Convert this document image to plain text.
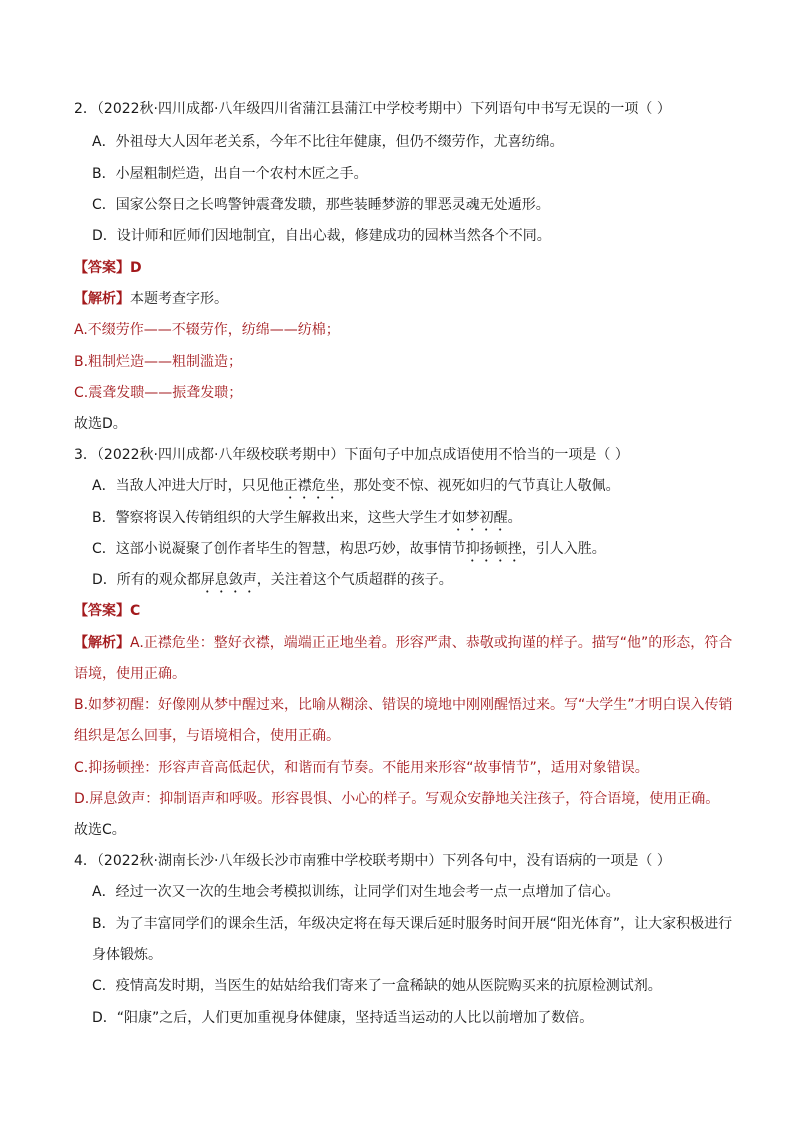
2．（2022秋·四川成都·八年级四川省蒲江县蒲江中学校考期中）下列语句中书写无误的一项（ ）
A．外祖母大人因年老关系，今年不比往年健康，但仍不缀劳作，尤喜纺绵。
B．小屋粗制烂造，出自一个农村木匠之手。
C．国家公祭日之长鸣警钟震聋发聩，那些装睡梦游的罪恶灵魂无处遁形。
D．设计师和匠师们因地制宜，自出心裁，修建成功的园林当然各个不同。
【答案】D
【解析】本题考查字形。
A.不缀劳作——不辍劳作，纺绵——纺棉；
B.粗制烂造——粗制滥造；
C.震聋发聩——振聋发聩；
故选D。
3．（2022秋·四川成都·八年级校联考期中）下面句子中加点成语使用不恰当的一项是（ ）
A．当敌人冲进大厅时，只见他正襟危坐，那处变不惊、视死如归的气节真让人敬佩。
B．警察将误入传销组织的大学生解救出来，这些大学生才如梦初醒。
C．这部小说凝聚了创作者毕生的智慧，构思巧妙，故事情节抑扬顿挫，引人入胜。
D．所有的观众都屏息敛声，关注着这个气质超群的孩子。
【答案】C
【解析】A.正襟危坐：整好衣襟，端端正正地坐着。形容严肃、恭敬或拘谨的样子。描写“他”的形态，符合
语境，使用正确。
B.如梦初醒：好像刚从梦中醒过来，比喻从糊涂、错误的境地中刚刚醒悟过来。写“大学生”才明白误入传销
组织是怎么回事，与语境相合，使用正确。
C.抑扬顿挫：形容声音高低起伏，和谐而有节奏。不能用来形容“故事情节”，适用对象错误。
D.屏息敛声：抑制语声和呼吸。形容畏惧、小心的样子。写观众安静地关注孩子，符合语境，使用正确。
故选C。
4．（2022秋·湖南长沙·八年级长沙市南雅中学校联考期中）下列各句中，没有语病的一项是（ ）
A．经过一次又一次的生地会考模拟训练，让同学们对生地会考一点一点增加了信心。
B．为了丰富同学们的课余生活，年级决定将在每天课后延时服务时间开展“阳光体育”，让大家积极进行
身体锻炼。
C．疫情高发时期，当医生的姑姑给我们寄来了一盒稀缺的她从医院购买来的抗原检测试剂。
D．“阳康”之后，人们更加重视身体健康，坚持适当运动的人比以前增加了数倍。
